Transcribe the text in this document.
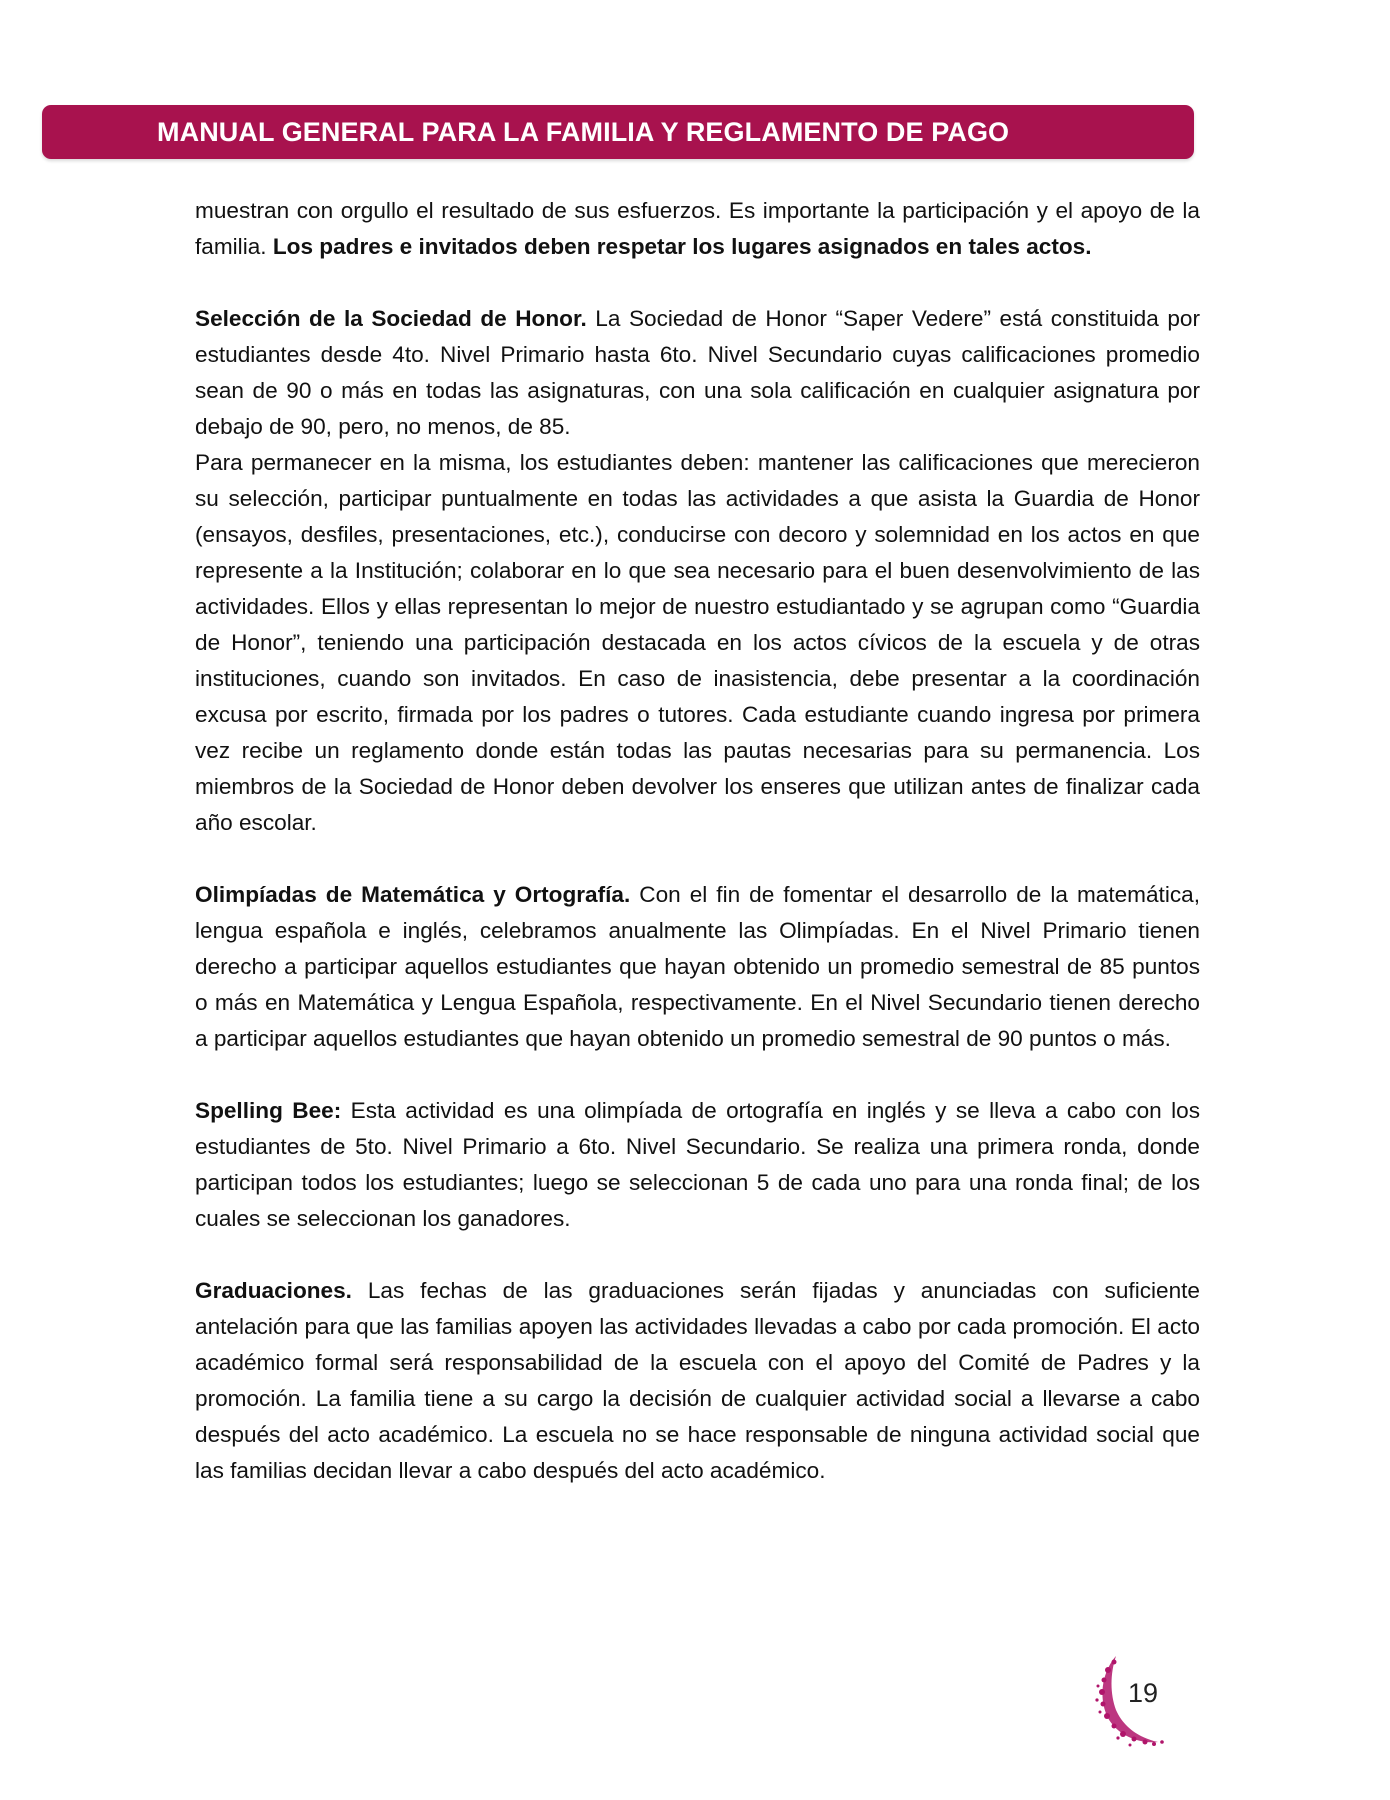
MANUAL GENERAL PARA LA FAMILIA Y REGLAMENTO DE PAGO

muestran con orgullo el resultado de sus esfuerzos. Es importante la participación y el apoyo de la familia. Los padres e invitados deben respetar los lugares asignados en tales actos.

Selección de la Sociedad de Honor. La Sociedad de Honor “Saper Vedere” está constituida por estudiantes desde 4to. Nivel Primario hasta 6to. Nivel Secundario cuyas calificaciones promedio sean de 90 o más en todas las asignaturas, con una sola calificación en cualquier asignatura por debajo de 90, pero, no menos, de 85.

Para permanecer en la misma, los estudiantes deben: mantener las calificaciones que merecieron su selección, participar puntualmente en todas las actividades a que asista la Guardia de Honor (ensayos, desfiles, presentaciones, etc.), conducirse con decoro y solemnidad en los actos en que represente a la Institución; colaborar en lo que sea necesario para el buen desenvolvimiento de las actividades. Ellos y ellas representan lo mejor de nuestro estudiantado y se agrupan como “Guardia de Honor”, teniendo una participación destacada en los actos cívicos de la escuela y de otras instituciones, cuando son invitados. En caso de inasistencia, debe presentar a la coordinación excusa por escrito, firmada por los padres o tutores. Cada estudiante cuando ingresa por primera vez recibe un reglamento donde están todas las pautas necesarias para su permanencia. Los miembros de la Sociedad de Honor deben devolver los enseres que utilizan antes de finalizar cada año escolar.

Olimpíadas de Matemática y Ortografía. Con el fin de fomentar el desarrollo de la matemática, lengua española e inglés, celebramos anualmente las Olimpíadas. En el Nivel Primario tienen derecho a participar aquellos estudiantes que hayan obtenido un promedio semestral de 85 puntos o más en Matemática y Lengua Española, respectivamente. En el Nivel Secundario tienen derecho a participar aquellos estudiantes que hayan obtenido un promedio semestral de 90 puntos o más.

Spelling Bee: Esta actividad es una olimpíada de ortografía en inglés y se lleva a cabo con los estudiantes de 5to. Nivel Primario a 6to. Nivel Secundario. Se realiza una primera ronda, donde participan todos los estudiantes; luego se seleccionan 5 de cada uno para una ronda final; de los cuales se seleccionan los ganadores.

Graduaciones. Las fechas de las graduaciones serán fijadas y anunciadas con suficiente antelación para que las familias apoyen las actividades llevadas a cabo por cada promoción. El acto académico formal será responsabilidad de la escuela con el apoyo del Comité de Padres y la promoción. La familia tiene a su cargo la decisión de cualquier actividad social a llevarse a cabo después del acto académico. La escuela no se hace responsable de ninguna actividad social que las familias decidan llevar a cabo después del acto académico.

19
